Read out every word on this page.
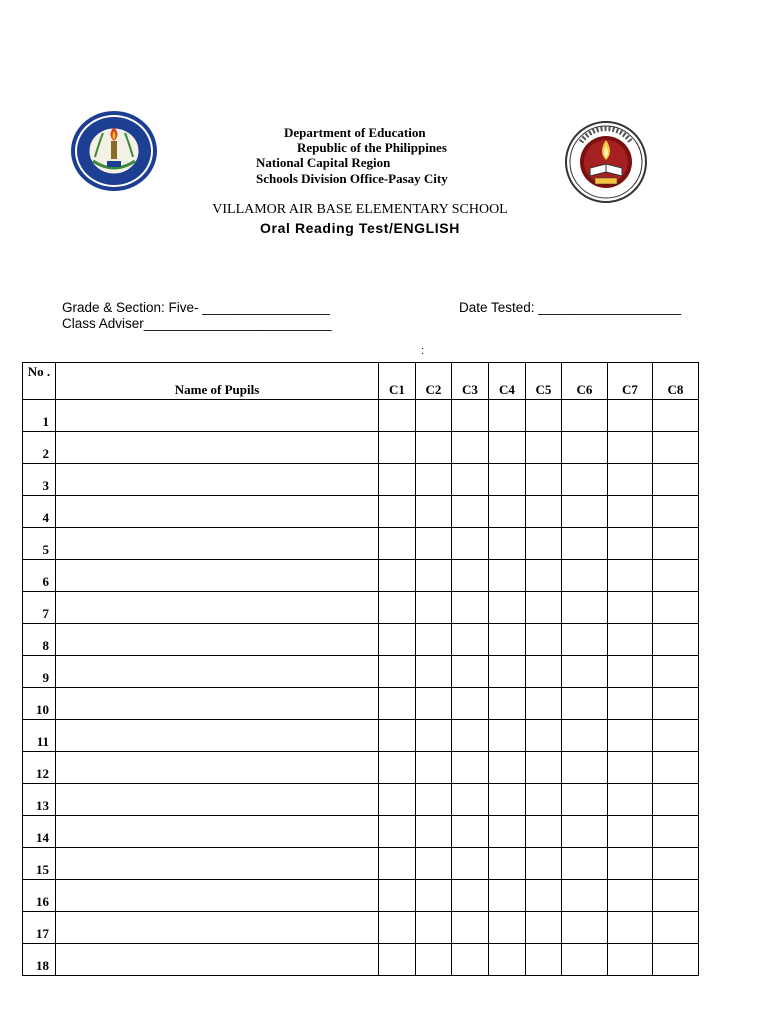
Department of Education
Republic of the Philippines
National Capital Region
Schools Division Office-Pasay City
VILLAMOR AIR BASE ELEMENTARY SCHOOL
Oral Reading Test/ENGLISH
Grade & Section: Five- _________________	Date Tested: ___________________
Class Adviser_________________________
:
No .	Name of Pupils	C1	C2	C3	C4	C5	C6	C7	C8
1									
2									
3									
4									
5									
6									
7									
8									
9									
10									
11									
12									
13									
14									
15									
16									
17									
18									
